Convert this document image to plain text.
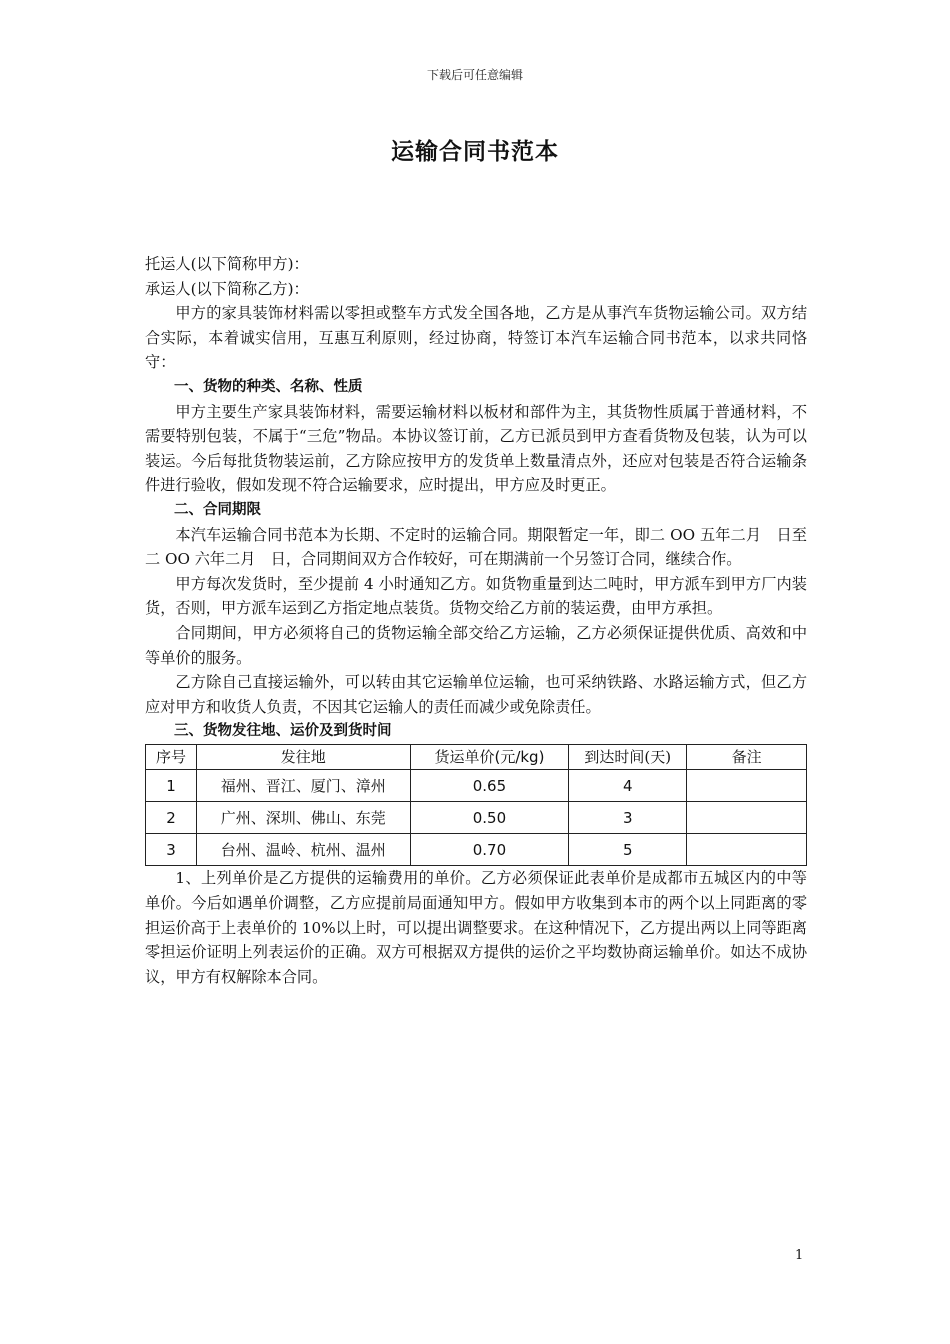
下载后可任意编辑
运输合同书范本

托运人(以下简称甲方)：

承运人(以下简称乙方)：

甲方的家具装饰材料需以零担或整车方式发全国各地，乙方是从事汽车货物运输公司。双方结合实际，本着诚实信用，互惠互利原则，经过协商，特签订本汽车运输合同书范本，以求共同恪守：

一、货物的种类、名称、性质

甲方主要生产家具装饰材料，需要运输材料以板材和部件为主，其货物性质属于普通材料，不需要特别包装，不属于“三危”物品。本协议签订前，乙方已派员到甲方查看货物及包装，认为可以装运。今后每批货物装运前，乙方除应按甲方的发货单上数量清点外，还应对包装是否符合运输条件进行验收，假如发现不符合运输要求，应时提出，甲方应及时更正。

二、合同期限

本汽车运输合同书范本为长期、不定时的运输合同。期限暂定一年，即二 OO 五年二月　日至二 OO 六年二月　日，合同期间双方合作较好，可在期满前一个另签订合同，继续合作。

甲方每次发货时，至少提前 4 小时通知乙方。如货物重量到达二吨时，甲方派车到甲方厂内装货，否则，甲方派车运到乙方指定地点装货。货物交给乙方前的装运费，由甲方承担。

合同期间，甲方必须将自己的货物运输全部交给乙方运输，乙方必须保证提供优质、高效和中等单价的服务。

乙方除自己直接运输外，可以转由其它运输单位运输，也可采纳铁路、水路运输方式，但乙方应对甲方和收货人负责，不因其它运输人的责任而减少或免除责任。

三、货物发往地、运价及到货时间

序号	发往地	货运单价(元/kg)	到达时间(天)	备注
1	福州、晋江、厦门、漳州	0.65	4	
2	广州、深圳、佛山、东莞	0.50	3	
3	台州、温岭、杭州、温州	0.70	5	

1、上列单价是乙方提供的运输费用的单价。乙方必须保证此表单价是成都市五城区内的中等单价。今后如遇单价调整，乙方应提前局面通知甲方。假如甲方收集到本市的两个以上同距离的零担运价高于上表单价的 10%以上时，可以提出调整要求。在这种情况下，乙方提出两以上同等距离零担运价证明上列表运价的正确。双方可根据双方提供的运价之平均数协商运输单价。如达不成协议，甲方有权解除本合同。

1
